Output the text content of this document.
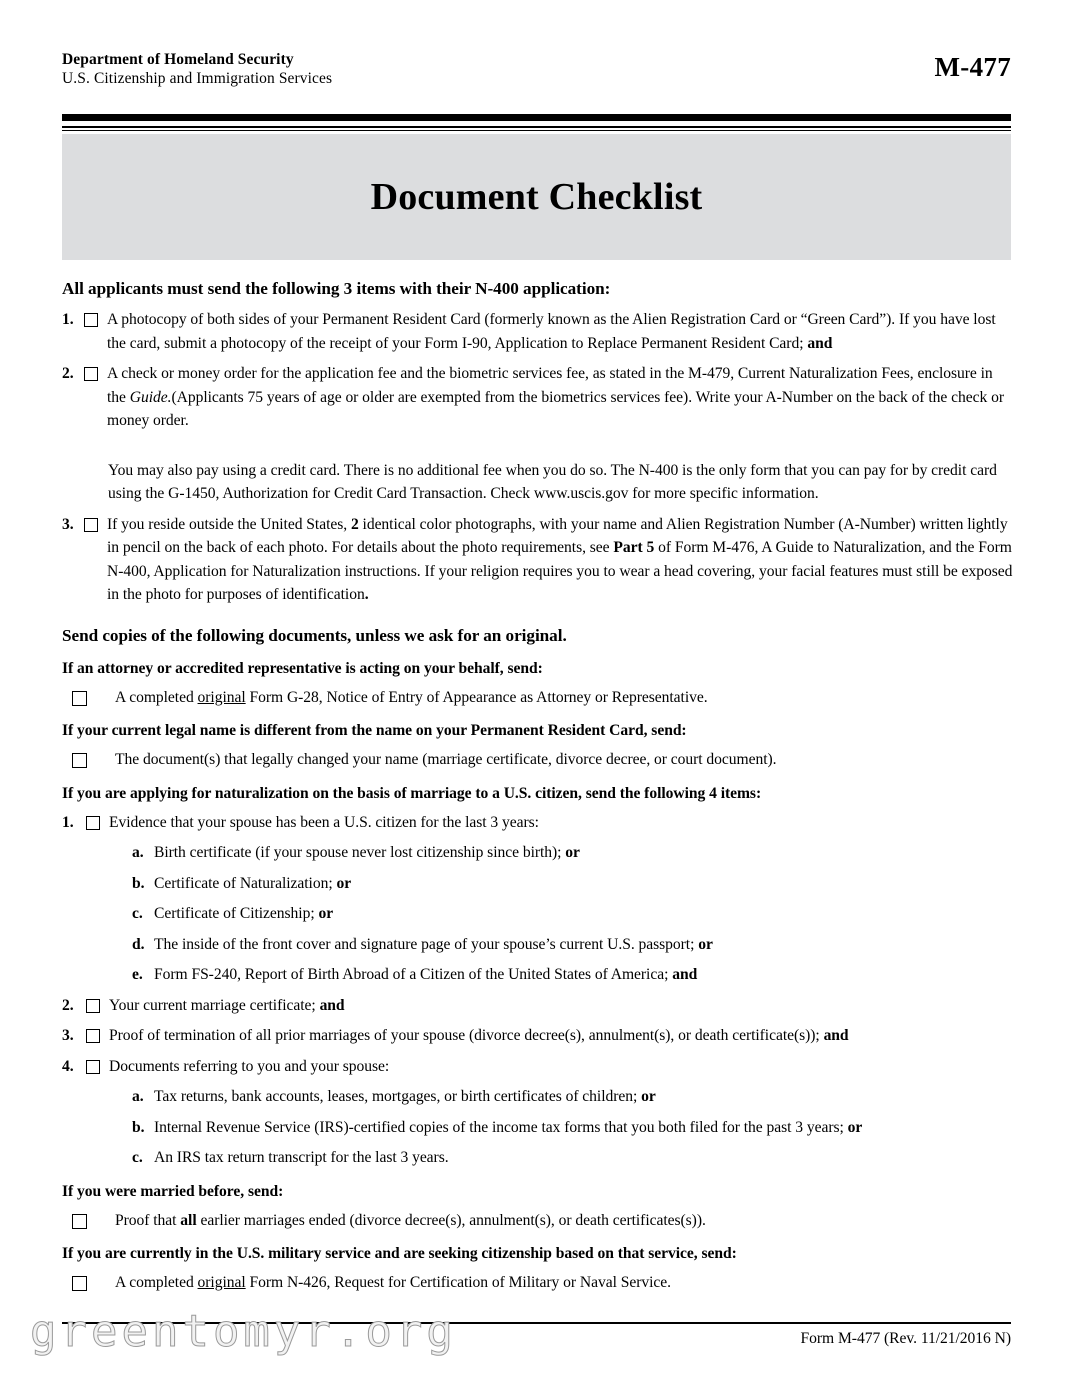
Department of Homeland Security
U.S. Citizenship and Immigration Services	M-477
Document Checklist
All applicants must send the following 3 items with their N-400 application:
1.	A photocopy of both sides of your Permanent Resident Card (formerly known as the Alien Registration Card or “Green Card”). If you have lost the card, submit a photocopy of the receipt of your Form I-90, Application to Replace Permanent Resident Card; and
2.	A check or money order for the application fee and the biometric services fee, as stated in the M-479, Current Naturalization Fees, enclosure in the Guide.(Applicants 75 years of age or older are exempted from the biometrics services fee). Write your A-Number on the back of the check or money order.
You may also pay using a credit card. There is no additional fee when you do so. The N-400 is the only form that you can pay for by credit card using the G-1450, Authorization for Credit Card Transaction. Check www.uscis.gov for more specific information.
3.	If you reside outside the United States, 2 identical color photographs, with your name and Alien Registration Number (A-Number) written lightly in pencil on the back of each photo. For details about the photo requirements, see Part 5 of Form M-476, A Guide to Naturalization, and the Form N-400, Application for Naturalization instructions. If your religion requires you to wear a head covering, your facial features must still be exposed in the photo for purposes of identification.
Send copies of the following documents, unless we ask for an original.
If an attorney or accredited representative is acting on your behalf, send:
A completed original Form G-28, Notice of Entry of Appearance as Attorney or Representative.
If your current legal name is different from the name on your Permanent Resident Card, send:
The document(s) that legally changed your name (marriage certificate, divorce decree, or court document).
If you are applying for naturalization on the basis of marriage to a U.S. citizen, send the following 4 items:
1.	Evidence that your spouse has been a U.S. citizen for the last 3 years:
a. Birth certificate (if your spouse never lost citizenship since birth); or
b. Certificate of Naturalization; or
c. Certificate of Citizenship; or
d. The inside of the front cover and signature page of your spouse’s current U.S. passport; or
e. Form FS-240, Report of Birth Abroad of a Citizen of the United States of America; and
2.	Your current marriage certificate; and
3.	Proof of termination of all prior marriages of your spouse (divorce decree(s), annulment(s), or death certificate(s)); and
4.	Documents referring to you and your spouse:
a. Tax returns, bank accounts, leases, mortgages, or birth certificates of children; or
b. Internal Revenue Service (IRS)-certified copies of the income tax forms that you both filed for the past 3 years; or
c. An IRS tax return transcript for the last 3 years.
If you were married before, send:
Proof that all earlier marriages ended (divorce decree(s), annulment(s), or death certificates(s)).
If you are currently in the U.S. military service and are seeking citizenship based on that service, send:
A completed original Form N-426, Request for Certification of Military or Naval Service.
Form M-477 (Rev. 11/21/2016 N)
greentomyr.org
